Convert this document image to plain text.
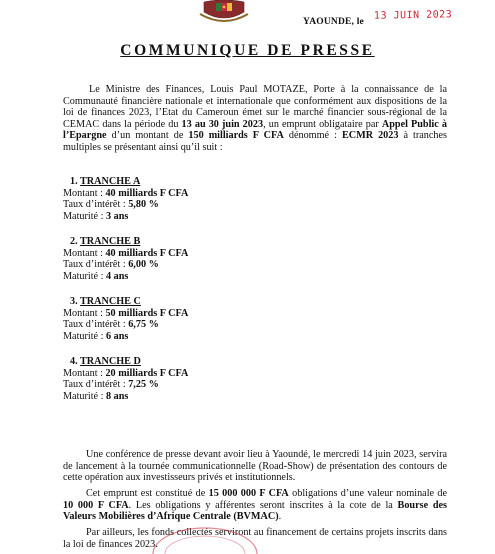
YAOUNDE, le
13 JUIN 2023
COMMUNIQUE DE PRESSE

Le Ministre des Finances, Louis Paul MOTAZE, Porte à la connaissance de la Communauté financière nationale et internationale que conformément aux dispositions de la loi de finances 2023, l’Etat du Cameroun émet sur le marché financier sous-régional de la CEMAC dans la période du 13 au 30 juin 2023, un emprunt obligataire par Appel Public à l’Epargne d’un montant de 150 milliards F CFA dénommé : ECMR 2023 à tranches multiples se présentant ainsi qu’il suit :

1. TRANCHE A
Montant : 40 milliards F CFA
Taux d’intérêt : 5,80 %
Maturité : 3 ans
2. TRANCHE B
Montant : 40 milliards F CFA
Taux d’intérêt : 6,00 %
Maturité : 4 ans
3. TRANCHE C
Montant : 50 milliards F CFA
Taux d’intérêt : 6,75 %
Maturité : 6 ans
4. TRANCHE D
Montant : 20 milliards F CFA
Taux d’intérêt : 7,25 %
Maturité : 8 ans

Une conférence de presse devant avoir lieu à Yaoundé, le mercredi 14 juin 2023, servira de lancement à la tournée communicationnelle (Road-Show) de présentation des contours de cette opération aux investisseurs privés et institutionnels.

Cet emprunt est constitué de 15 000 000 F CFA obligations d’une valeur nominale de 10 000 F CFA. Les obligations y afférentes seront inscrites à la cote de la Bourse des Valeurs Mobilières d’Afrique Centrale (BVMAC).

Par ailleurs, les fonds collectés serviront au financement de certains projets inscrits dans la loi de finances 2023.
